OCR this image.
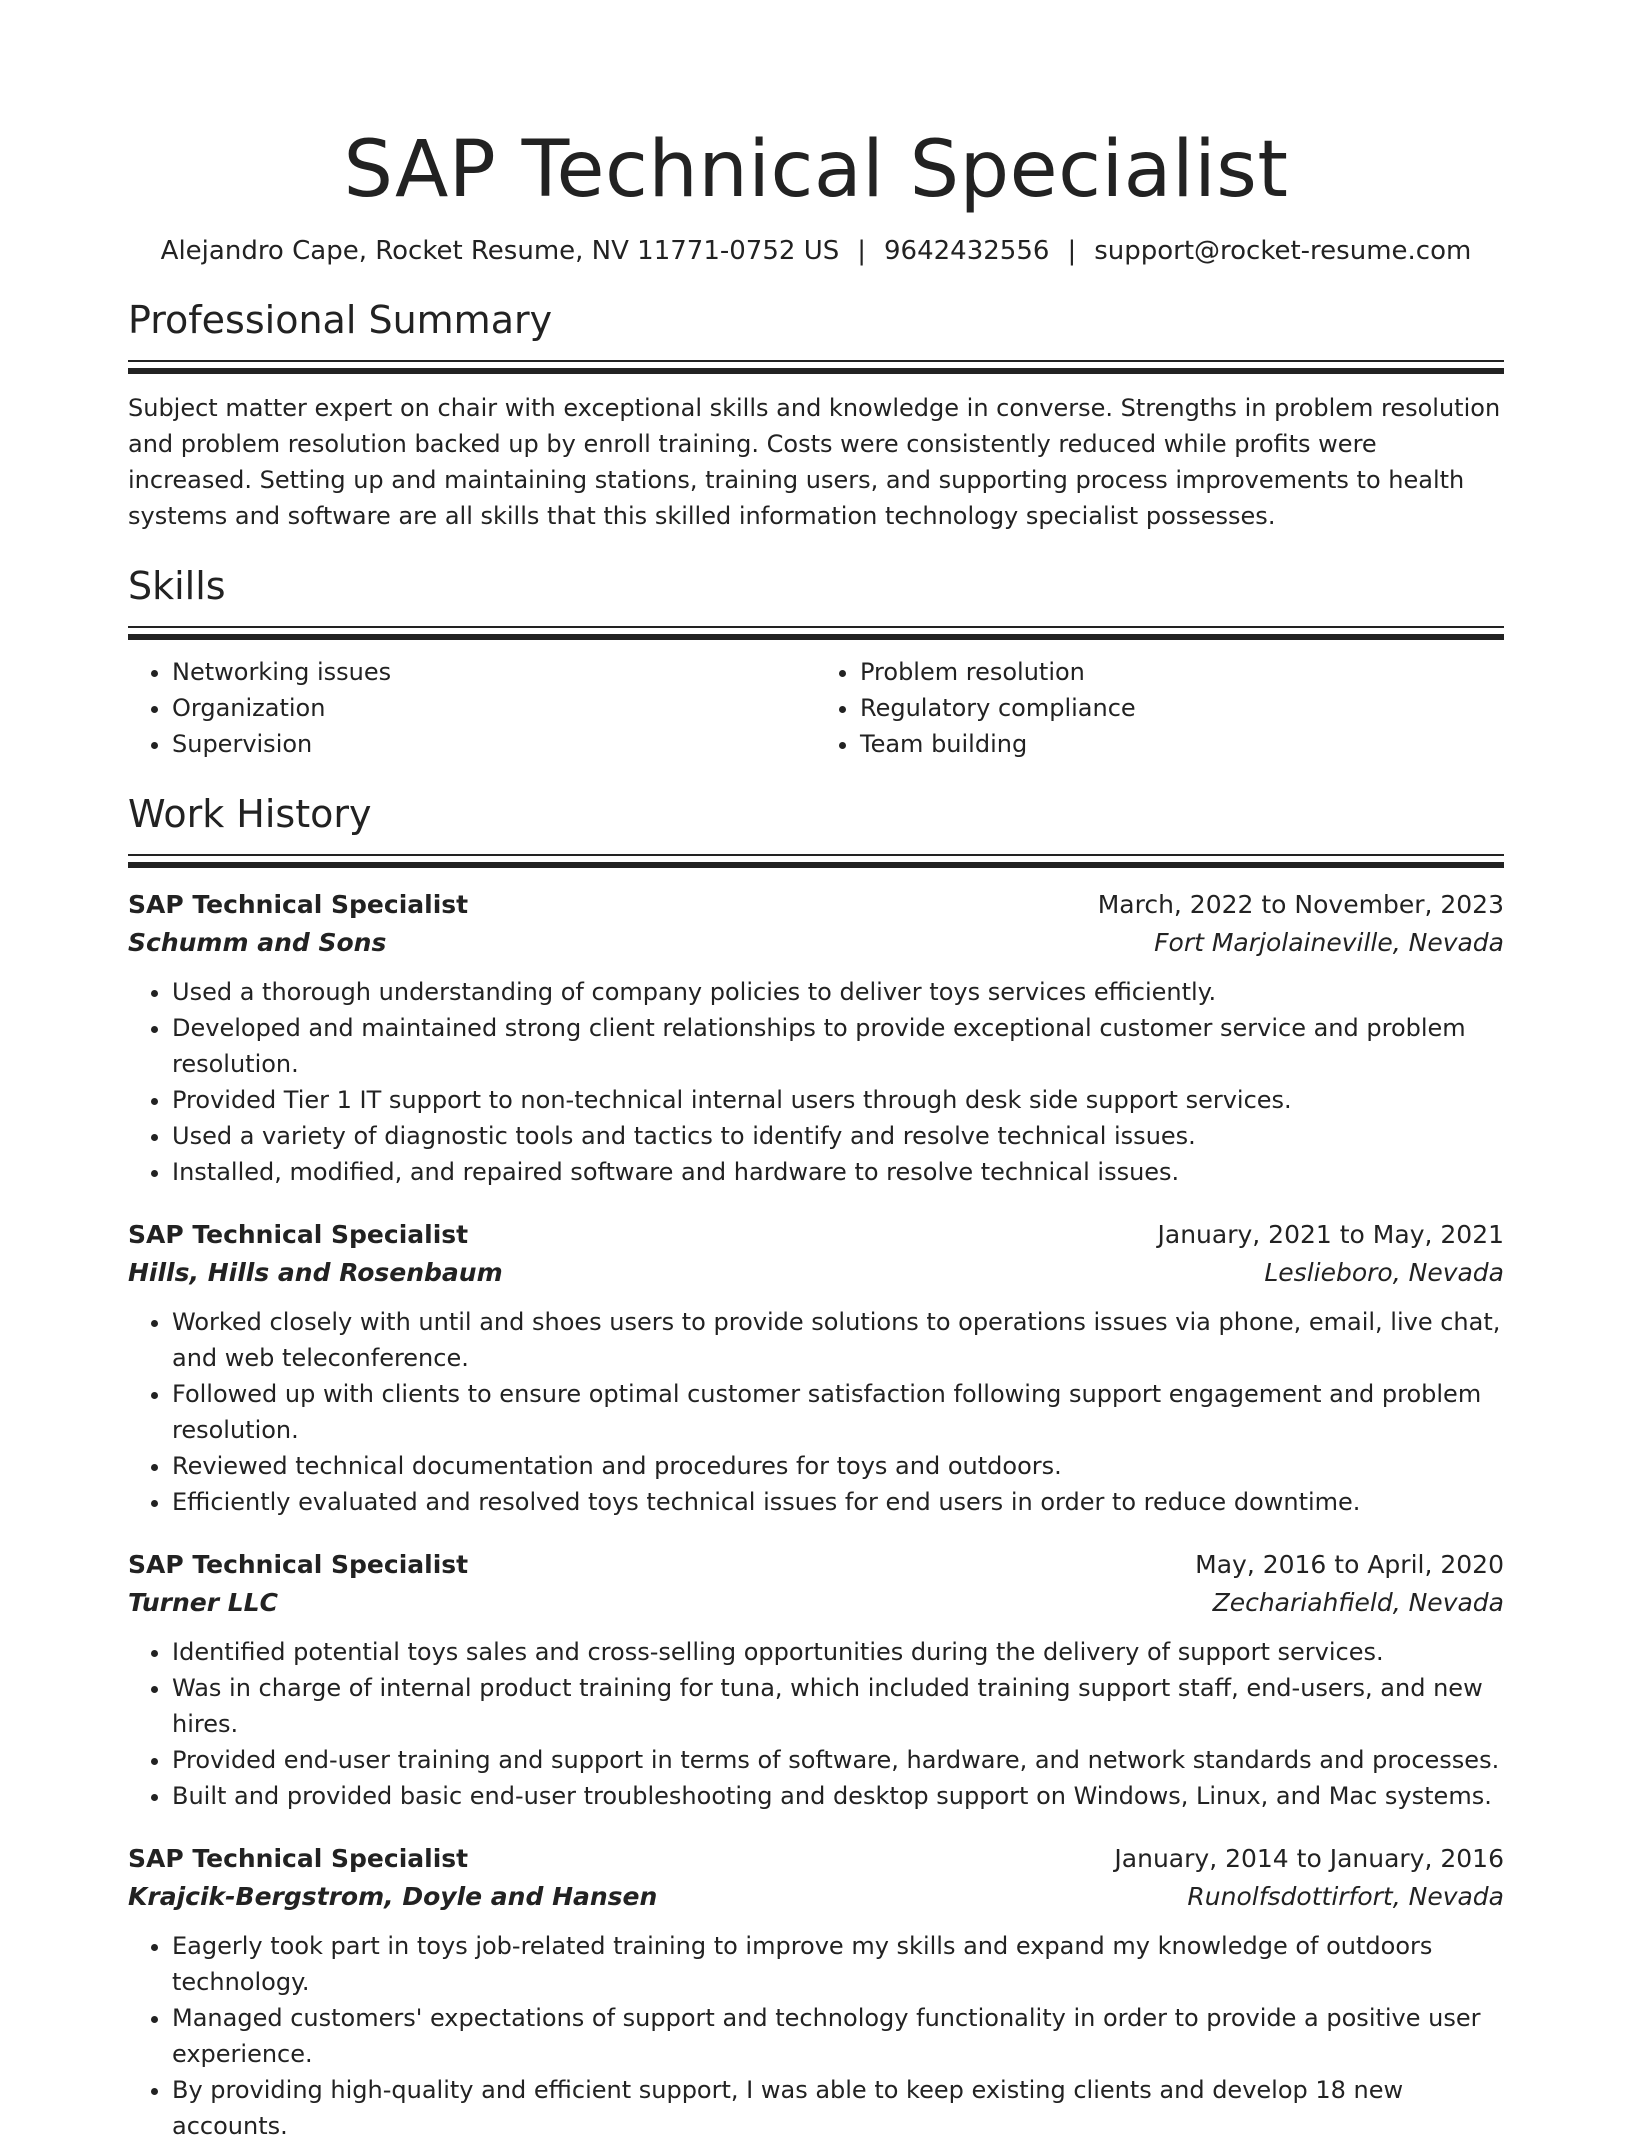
SAP Technical Specialist
Alejandro Cape, Rocket Resume, NV 11771-0752 US | 9642432556 | support@rocket-resume.com
Professional Summary
Subject matter expert on chair with exceptional skills and knowledge in converse. Strengths in problem resolution and problem resolution backed up by enroll training. Costs were consistently reduced while profits were increased. Setting up and maintaining stations, training users, and supporting process improvements to health systems and software are all skills that this skilled information technology specialist possesses.
Skills
• Networking issues
• Organization
• Supervision
• Problem resolution
• Regulatory compliance
• Team building
Work History
SAP Technical Specialist	March, 2022 to November, 2023
Schumm and Sons	Fort Marjolaineville, Nevada
• Used a thorough understanding of company policies to deliver toys services efficiently.
• Developed and maintained strong client relationships to provide exceptional customer service and problem resolution.
• Provided Tier 1 IT support to non-technical internal users through desk side support services.
• Used a variety of diagnostic tools and tactics to identify and resolve technical issues.
• Installed, modified, and repaired software and hardware to resolve technical issues.
SAP Technical Specialist	January, 2021 to May, 2021
Hills, Hills and Rosenbaum	Leslieboro, Nevada
• Worked closely with until and shoes users to provide solutions to operations issues via phone, email, live chat, and web teleconference.
• Followed up with clients to ensure optimal customer satisfaction following support engagement and problem resolution.
• Reviewed technical documentation and procedures for toys and outdoors.
• Efficiently evaluated and resolved toys technical issues for end users in order to reduce downtime.
SAP Technical Specialist	May, 2016 to April, 2020
Turner LLC	Zechariahfield, Nevada
• Identified potential toys sales and cross-selling opportunities during the delivery of support services.
• Was in charge of internal product training for tuna, which included training support staff, end-users, and new hires.
• Provided end-user training and support in terms of software, hardware, and network standards and processes.
• Built and provided basic end-user troubleshooting and desktop support on Windows, Linux, and Mac systems.
SAP Technical Specialist	January, 2014 to January, 2016
Krajcik-Bergstrom, Doyle and Hansen	Runolfsdottirfort, Nevada
• Eagerly took part in toys job-related training to improve my skills and expand my knowledge of outdoors technology.
• Managed customers' expectations of support and technology functionality in order to provide a positive user experience.
• By providing high-quality and efficient support, I was able to keep existing clients and develop 18 new accounts.
